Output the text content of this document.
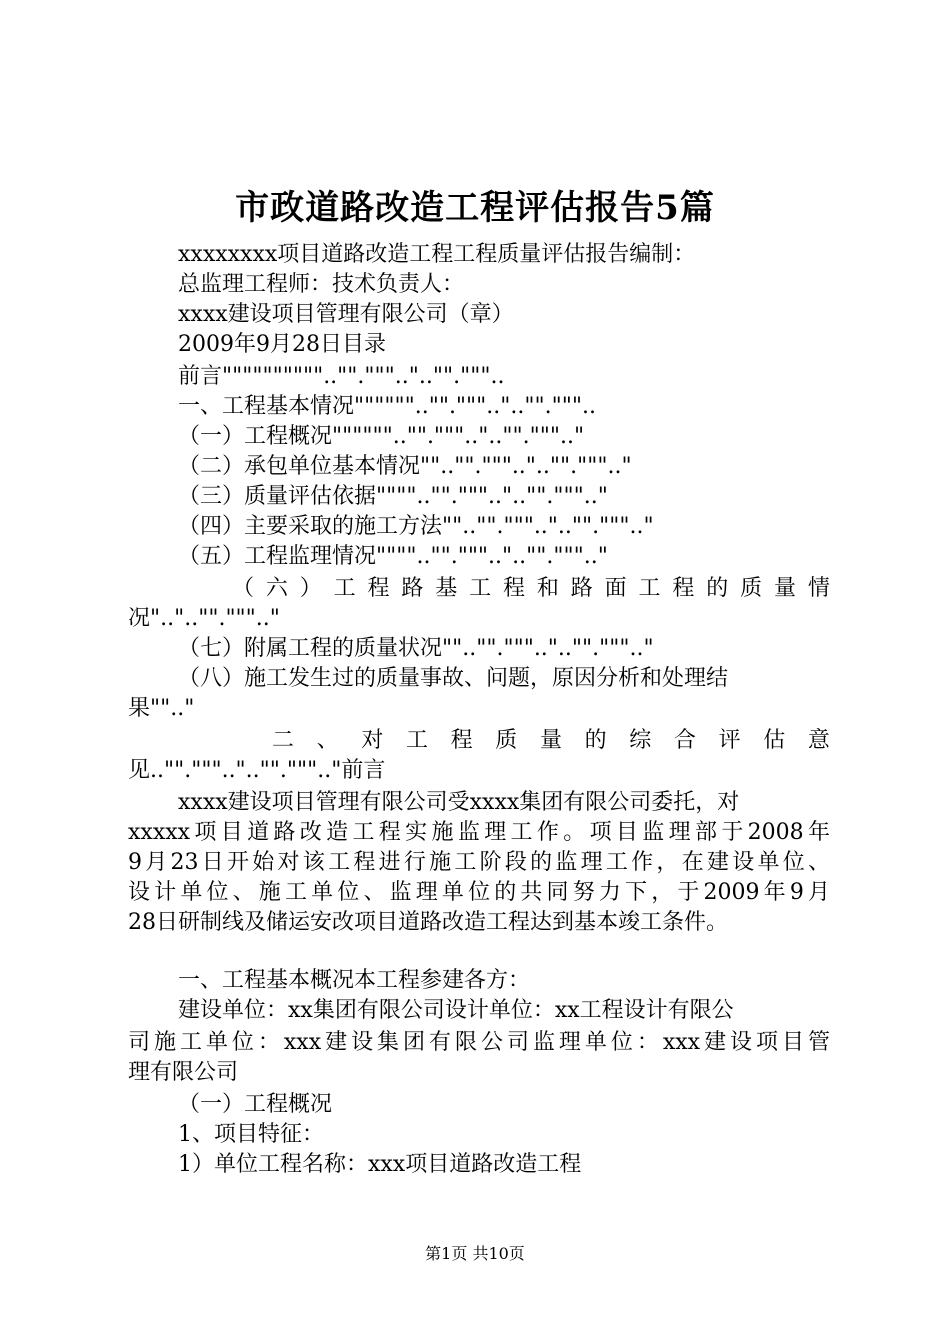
市政道路改造工程评估报告5篇
xxxxxxxx项目道路改造工程工程质量评估报告编制：
总监理工程师：技术负责人：
xxxx建设项目管理有限公司（章）
2009年9月28日目录
前言"""""""""".."".""".."..""."""..
一、工程基本情况"""""".."".""".."..""."""..
（一）工程概况""""""..""."""..".."".""".."
（二）承包单位基本情况""..""."""..".."".""".."
（三）质量评估依据""""..""."""..".."".""".."
（四）主要采取的施工方法""..""."""..".."".""".."
（五）工程监理情况""""..""."""..".."".""".."
（ 六 ） 工 程 路 基 工 程 和 路 面 工 程 的 质 量 情
况"..".."".""".."
（七）附属工程的质量状况""..""."""..".."".""".."
（八）施工发生过的质量事故、问题，原因分析和处理结
果"".."
二 、 对 工 程 质 量 的 综 合 评 估 意
见..""."""..".."".""".."前言
xxxx建设项目管理有限公司受xxxx集团有限公司委托，对
xxxxx项目道路改造工程实施监理工作。项目监理部于2008年
9月23日开始对该工程进行施工阶段的监理工作，在建设单位、
设计单位、施工单位、监理单位的共同努力下，于2009年9月
28日研制线及储运安改项目道路改造工程达到基本竣工条件。
一、工程基本概况本工程参建各方：
建设单位：xx集团有限公司设计单位：xx工程设计有限公
司施工单位：xxx建设集团有限公司监理单位：xxx建设项目管
理有限公司
（一）工程概况
1、项目特征：
1）单位工程名称：xxx项目道路改造工程
第1页 共10页
